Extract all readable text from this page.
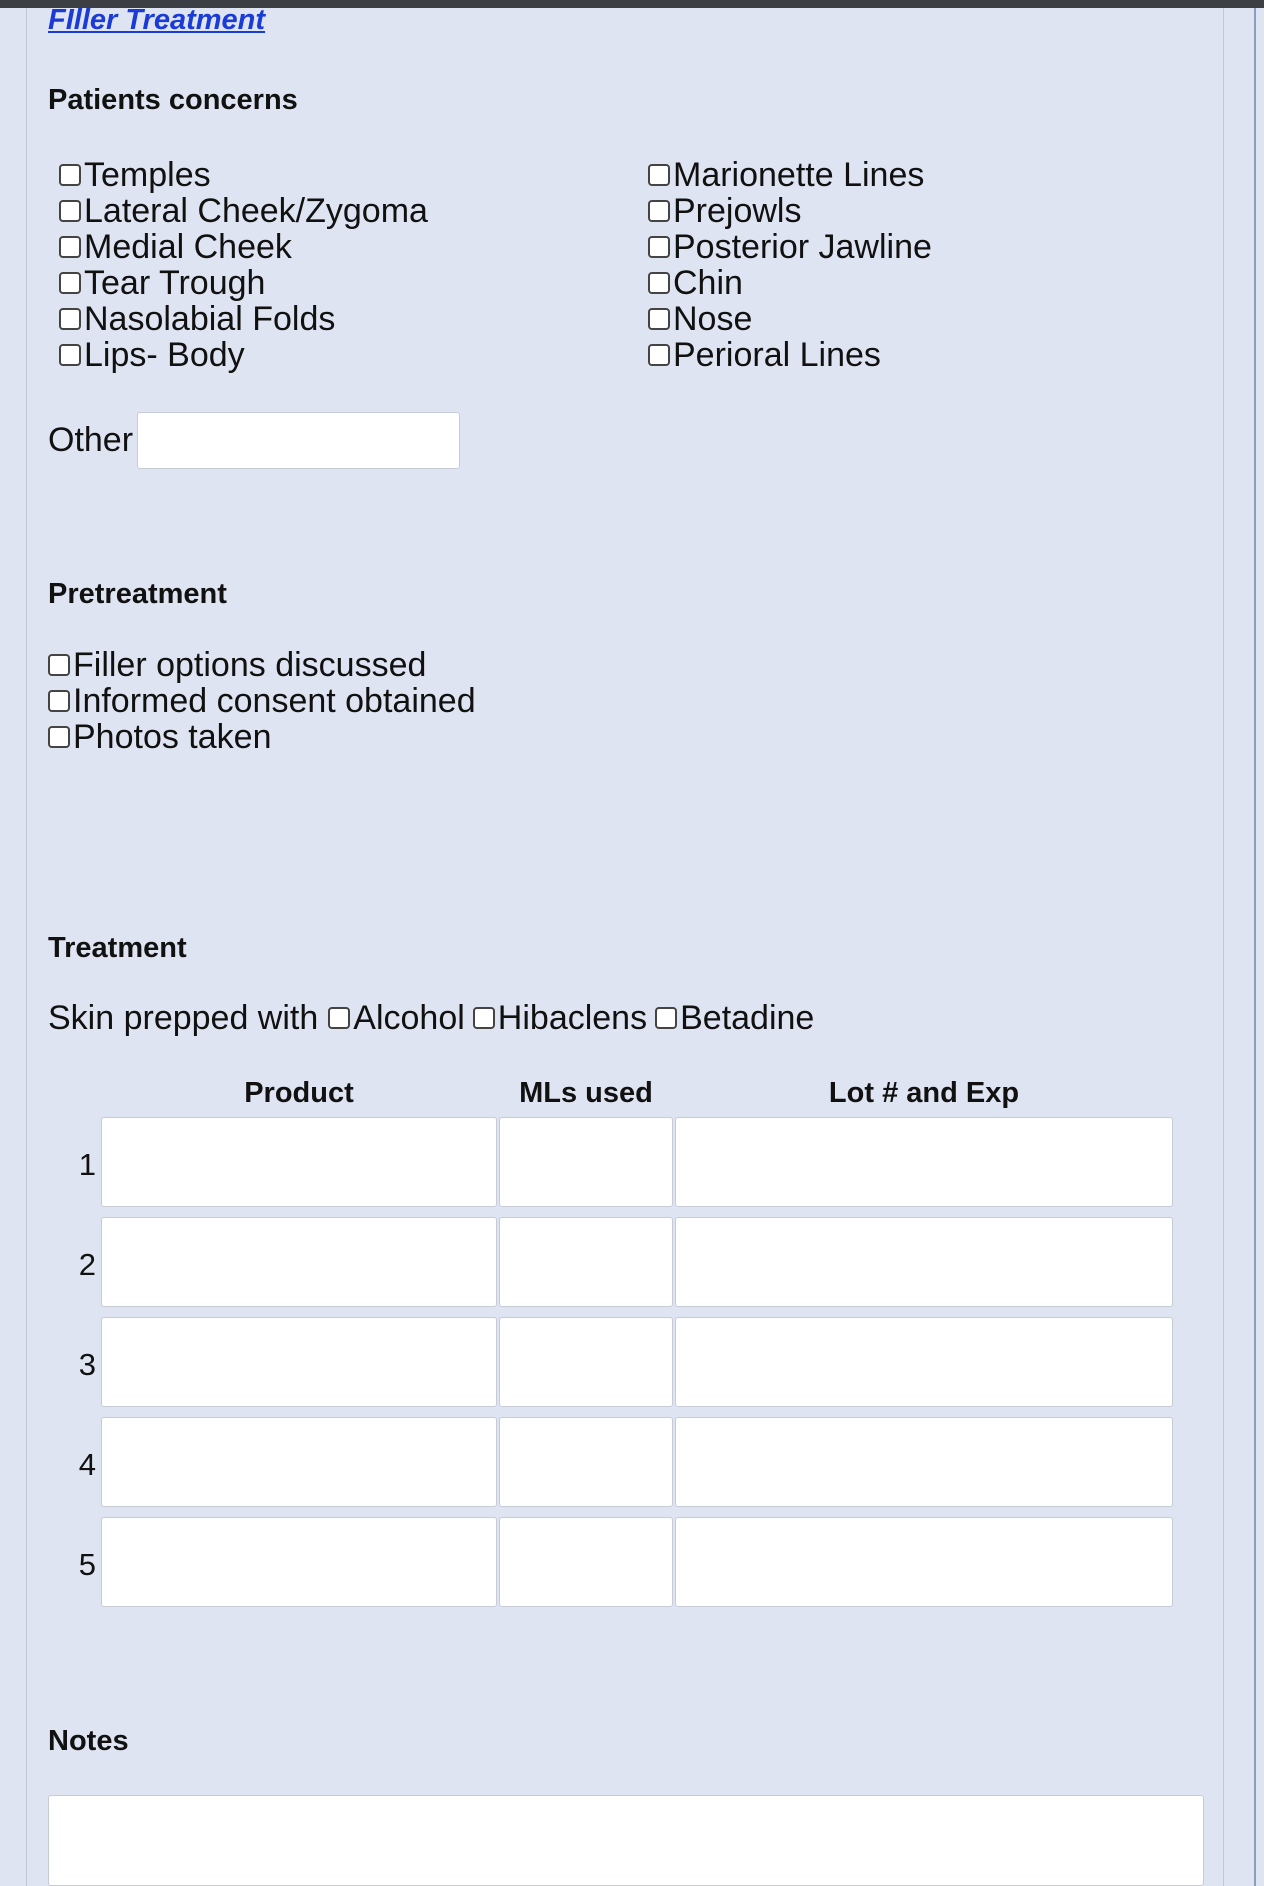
FIller Treatment
Patients concerns
Temples
Lateral Cheek/Zygoma
Medial Cheek
Tear Trough
Nasolabial Folds
Lips- Body
Marionette Lines
Prejowls
Posterior Jawline
Chin
Nose
Perioral Lines
Other
Pretreatment
Filler options discussed
Informed consent obtained
Photos taken
Treatment
Skin prepped with Alcohol Hibaclens Betadine
Product	MLs used	Lot # and Exp
1
2
3
4
5
Notes
